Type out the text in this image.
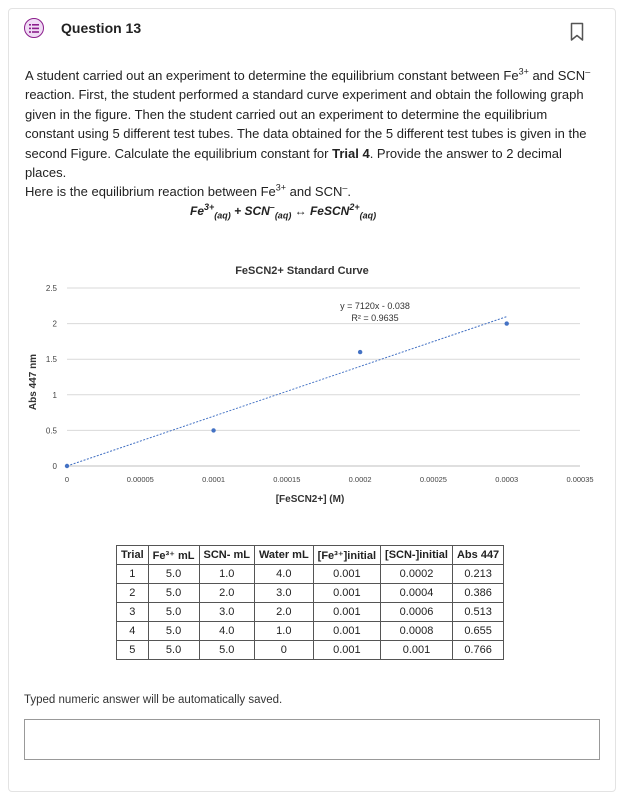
Question 13

A student carried out an experiment to determine the equilibrium constant between $Fe^{3+}$ and SCN– reaction. First, the student performed a standard curve experiment and obtain the following graph given in the figure. Then the student carried out an experiment to determine the equilibrium constant using 5 different test tubes. The data obtained for the 5 different test tubes is given in the second Figure. Calculate the equilibrium constant for Trial 4. Provide the answer to 2 decimal places.

Here is the equilibrium reaction between $Fe^{3+}$ and SCN–.

$Fe^{3+}_{(aq)} + SCN^-_{(aq)}$ ↔ FeSCN$^{2+}_{(aq)}$
FeSCN2+ Standard Curve
0
0.5
1
1.5
2
2.5
0	0.00005	0.0001	0.00015	0.0002	0.00025	0.0003	0.00035
y = 7120x - 0.038
R² = 0.9635
Abs 447 nm
[FeSCN2+] (M)
Trial	Fe³⁺ mL	SCN- mL	Water mL	[Fe³⁺]initial	[SCN-]initial	Abs 447
1	5.0	1.0	4.0	0.001	0.0002	0.213
2	5.0	2.0	3.0	0.001	0.0004	0.386
3	5.0	3.0	2.0	0.001	0.0006	0.513
4	5.0	4.0	1.0	0.001	0.0008	0.655
5	5.0	5.0	0	0.001	0.001	0.766
Typed numeric answer will be automatically saved.
